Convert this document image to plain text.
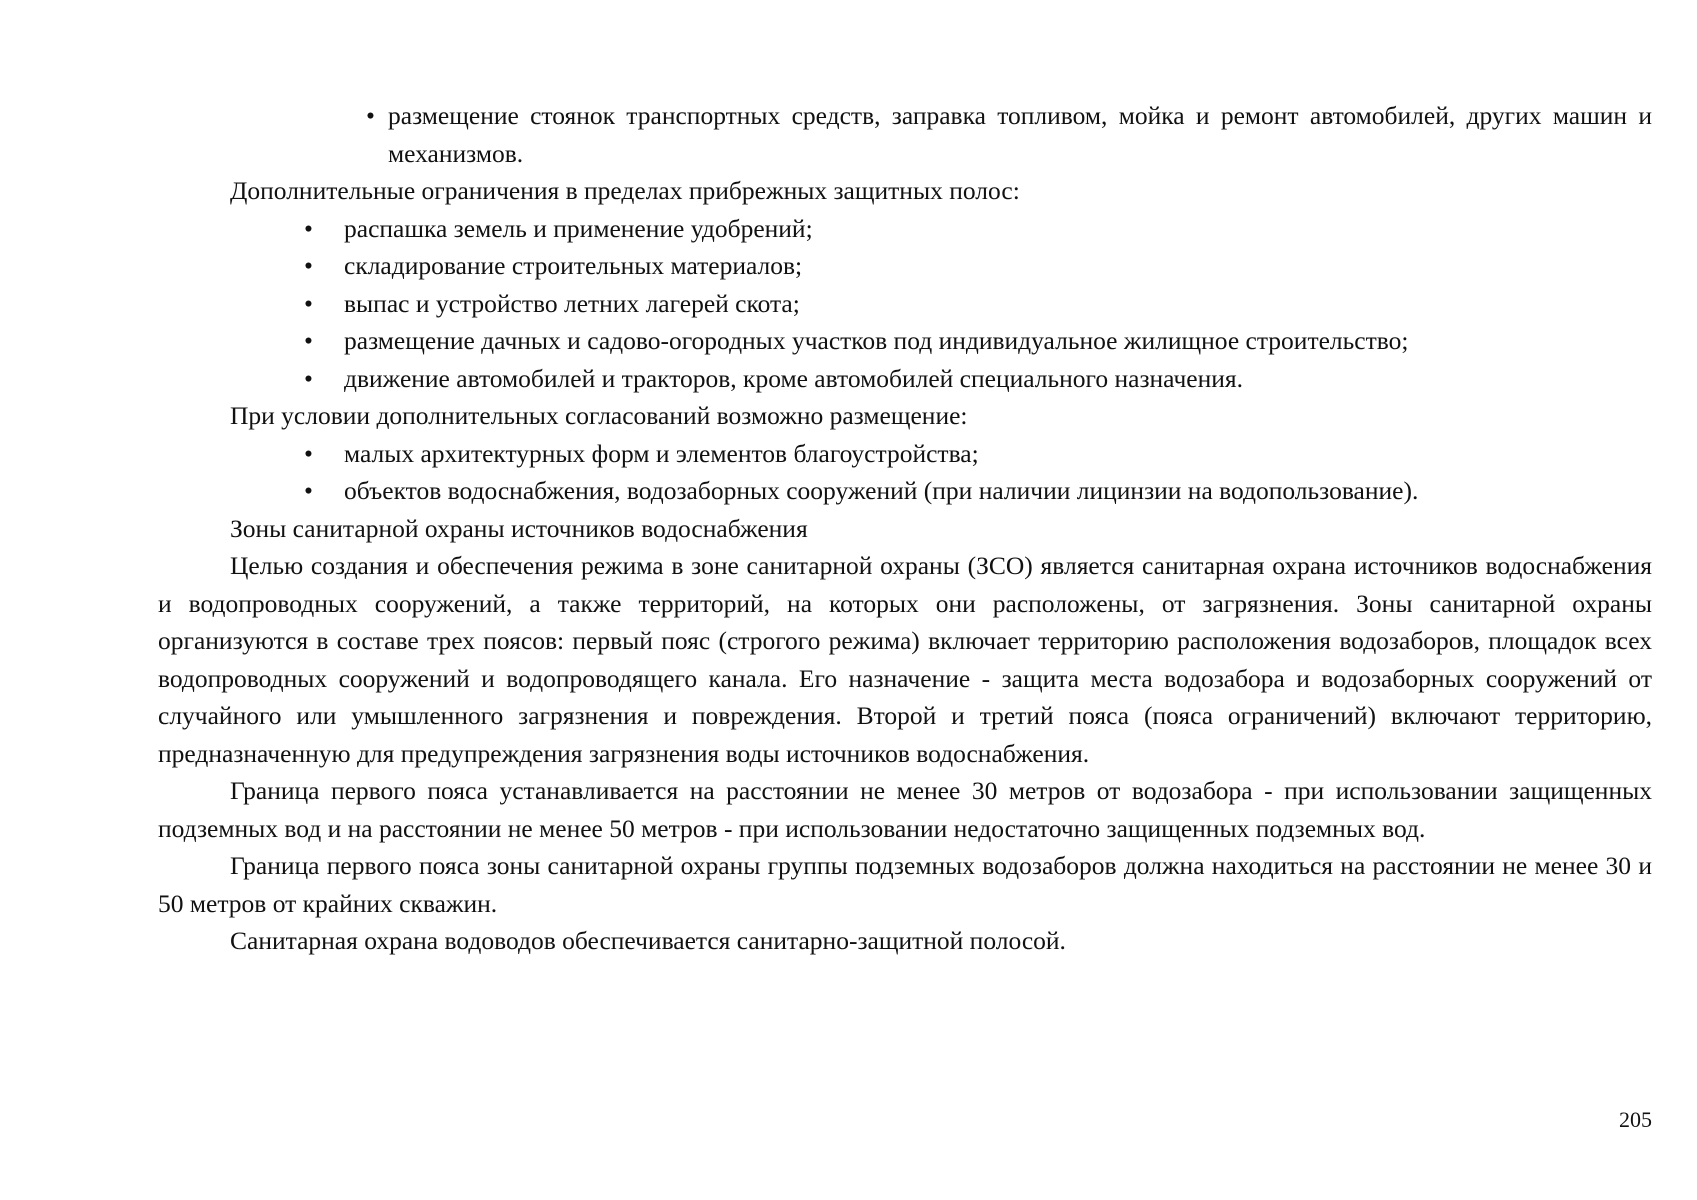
• размещение стоянок транспортных средств, заправка топливом, мойка и ремонт автомобилей, других машин и механизмов.

Дополнительные ограничения в пределах прибрежных защитных полос:

• распашка земель и применение удобрений;
• складирование строительных материалов;
• выпас и устройство летних лагерей скота;
• размещение дачных и садово-огородных участков под индивидуальное жилищное строительство;
• движение автомобилей и тракторов, кроме автомобилей специального назначения.

При условии дополнительных согласований возможно размещение:

• малых архитектурных форм и элементов благоустройства;
• объектов водоснабжения, водозаборных сооружений (при наличии лицинзии на водопользование).

Зоны санитарной охраны источников водоснабжения

Целью создания и обеспечения режима в зоне санитарной охраны (ЗСО) является санитарная охрана источников водоснабжения и водопроводных сооружений, а также территорий, на которых они расположены, от загрязнения. Зоны санитарной охраны организуются в составе трех поясов: первый пояс (строгого режима) включает территорию расположения водозаборов, площадок всех водопроводных сооружений и водопроводящего канала. Его назначение - защита места водозабора и водозаборных сооружений от случайного или умышленного загрязнения и повреждения. Второй и третий пояса (пояса ограничений) включают территорию, предназначенную для предупреждения загрязнения воды источников водоснабжения.

Граница первого пояса устанавливается на расстоянии не менее 30 метров от водозабора - при использовании защищенных подземных вод и на расстоянии не менее 50 метров - при использовании недостаточно защищенных подземных вод.

Граница первого пояса зоны санитарной охраны группы подземных водозаборов должна находиться на расстоянии не менее 30 и 50 метров от крайних скважин.

Санитарная охрана водоводов обеспечивается санитарно-защитной полосой.

205
